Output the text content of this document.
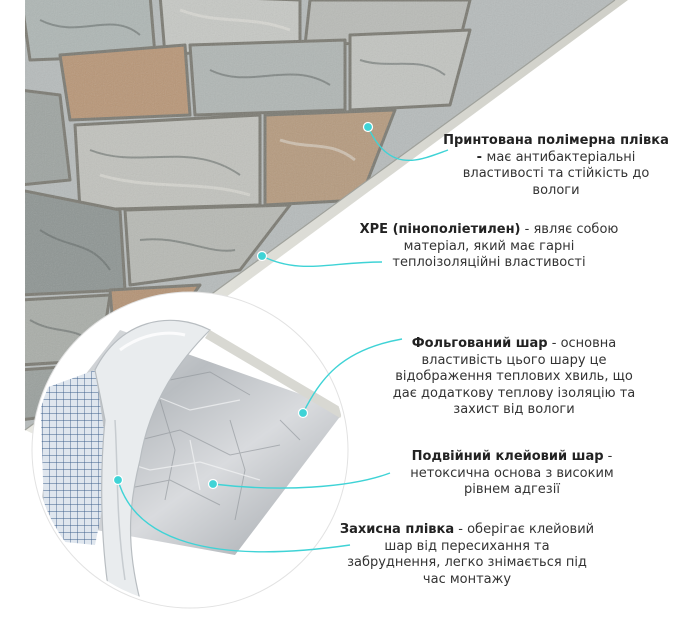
Принтована полімерна плівка - має антибактеріальні властивості та стійкість до вологи
XPE (пінополіетилен) - являє собою матеріал, який має гарні теплоізоляційні властивості
Фольгований шар - основна властивість цього шару це відображення теплових хвиль, що дає додаткову теплову ізоляцію та захист від вологи
Подвійний клейовий шар - нетоксична основа з високим рівнем адгезії
Захисна плівка - оберігає клейовий шар від пересихання та забруднення, легко знімається під час монтажу
